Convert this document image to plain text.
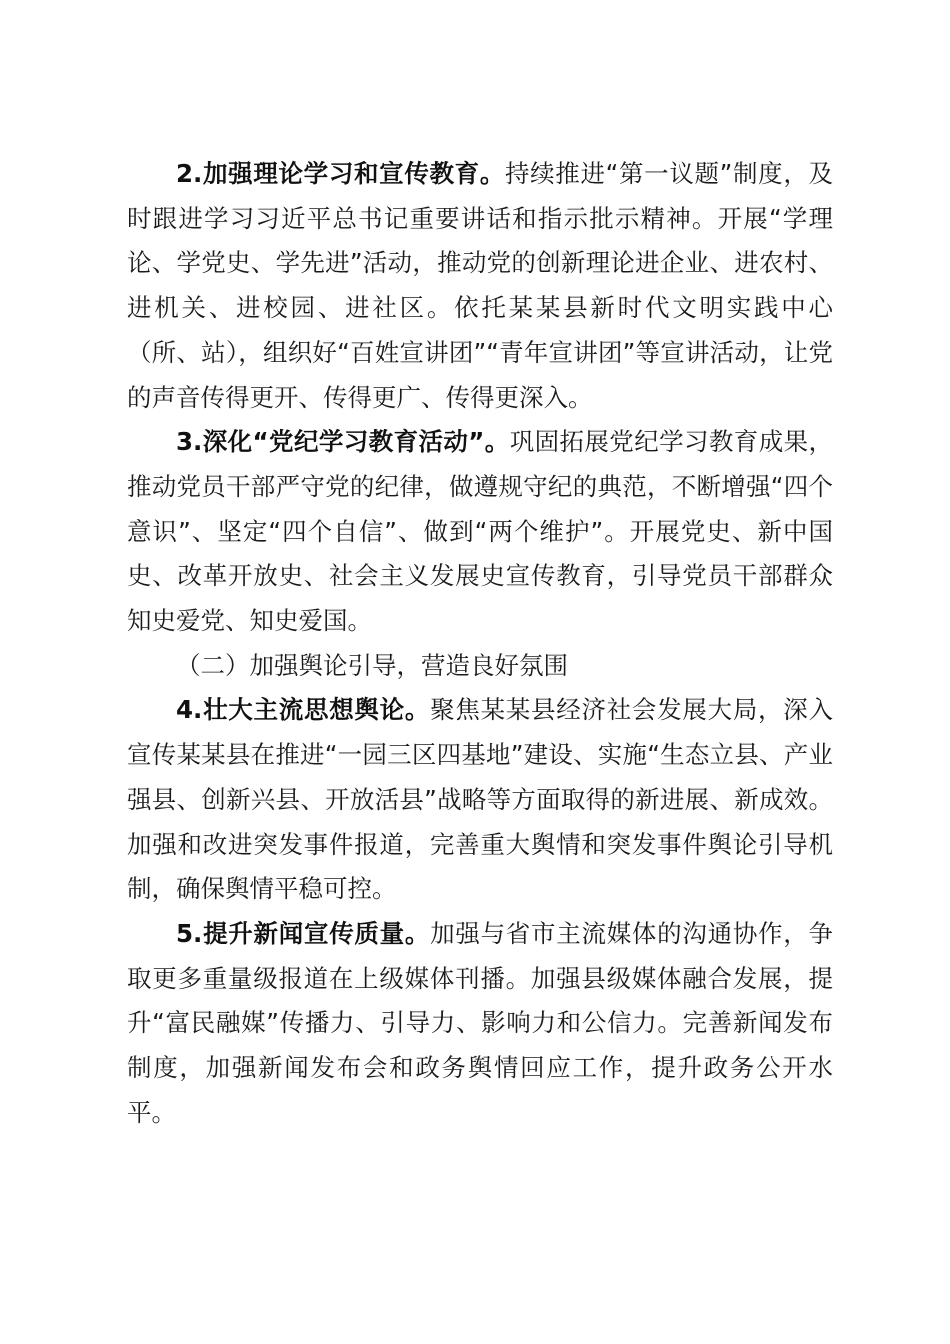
2.加强理论学习和宣传教育。持续推进“第一议题”制度，及时跟进学习习近平总书记重要讲话和指示批示精神。开展“学理论、学党史、学先进”活动，推动党的创新理论进企业、进农村、进机关、进校园、进社区。依托某某县新时代文明实践中心（所、站），组织好“百姓宣讲团”“青年宣讲团”等宣讲活动，让党的声音传得更开、传得更广、传得更深入。

3.深化“党纪学习教育活动”。巩固拓展党纪学习教育成果，推动党员干部严守党的纪律，做遵规守纪的典范，不断增强“四个意识”、坚定“四个自信”、做到“两个维护”。开展党史、新中国史、改革开放史、社会主义发展史宣传教育，引导党员干部群众知史爱党、知史爱国。

（二）加强舆论引导，营造良好氛围

4.壮大主流思想舆论。聚焦某某县经济社会发展大局，深入宣传某某县在推进“一园三区四基地”建设、实施“生态立县、产业强县、创新兴县、开放活县”战略等方面取得的新进展、新成效。加强和改进突发事件报道，完善重大舆情和突发事件舆论引导机制，确保舆情平稳可控。

5.提升新闻宣传质量。加强与省市主流媒体的沟通协作，争取更多重量级报道在上级媒体刊播。加强县级媒体融合发展，提升“富民融媒”传播力、引导力、影响力和公信力。完善新闻发布制度，加强新闻发布会和政务舆情回应工作，提升政务公开水平。
